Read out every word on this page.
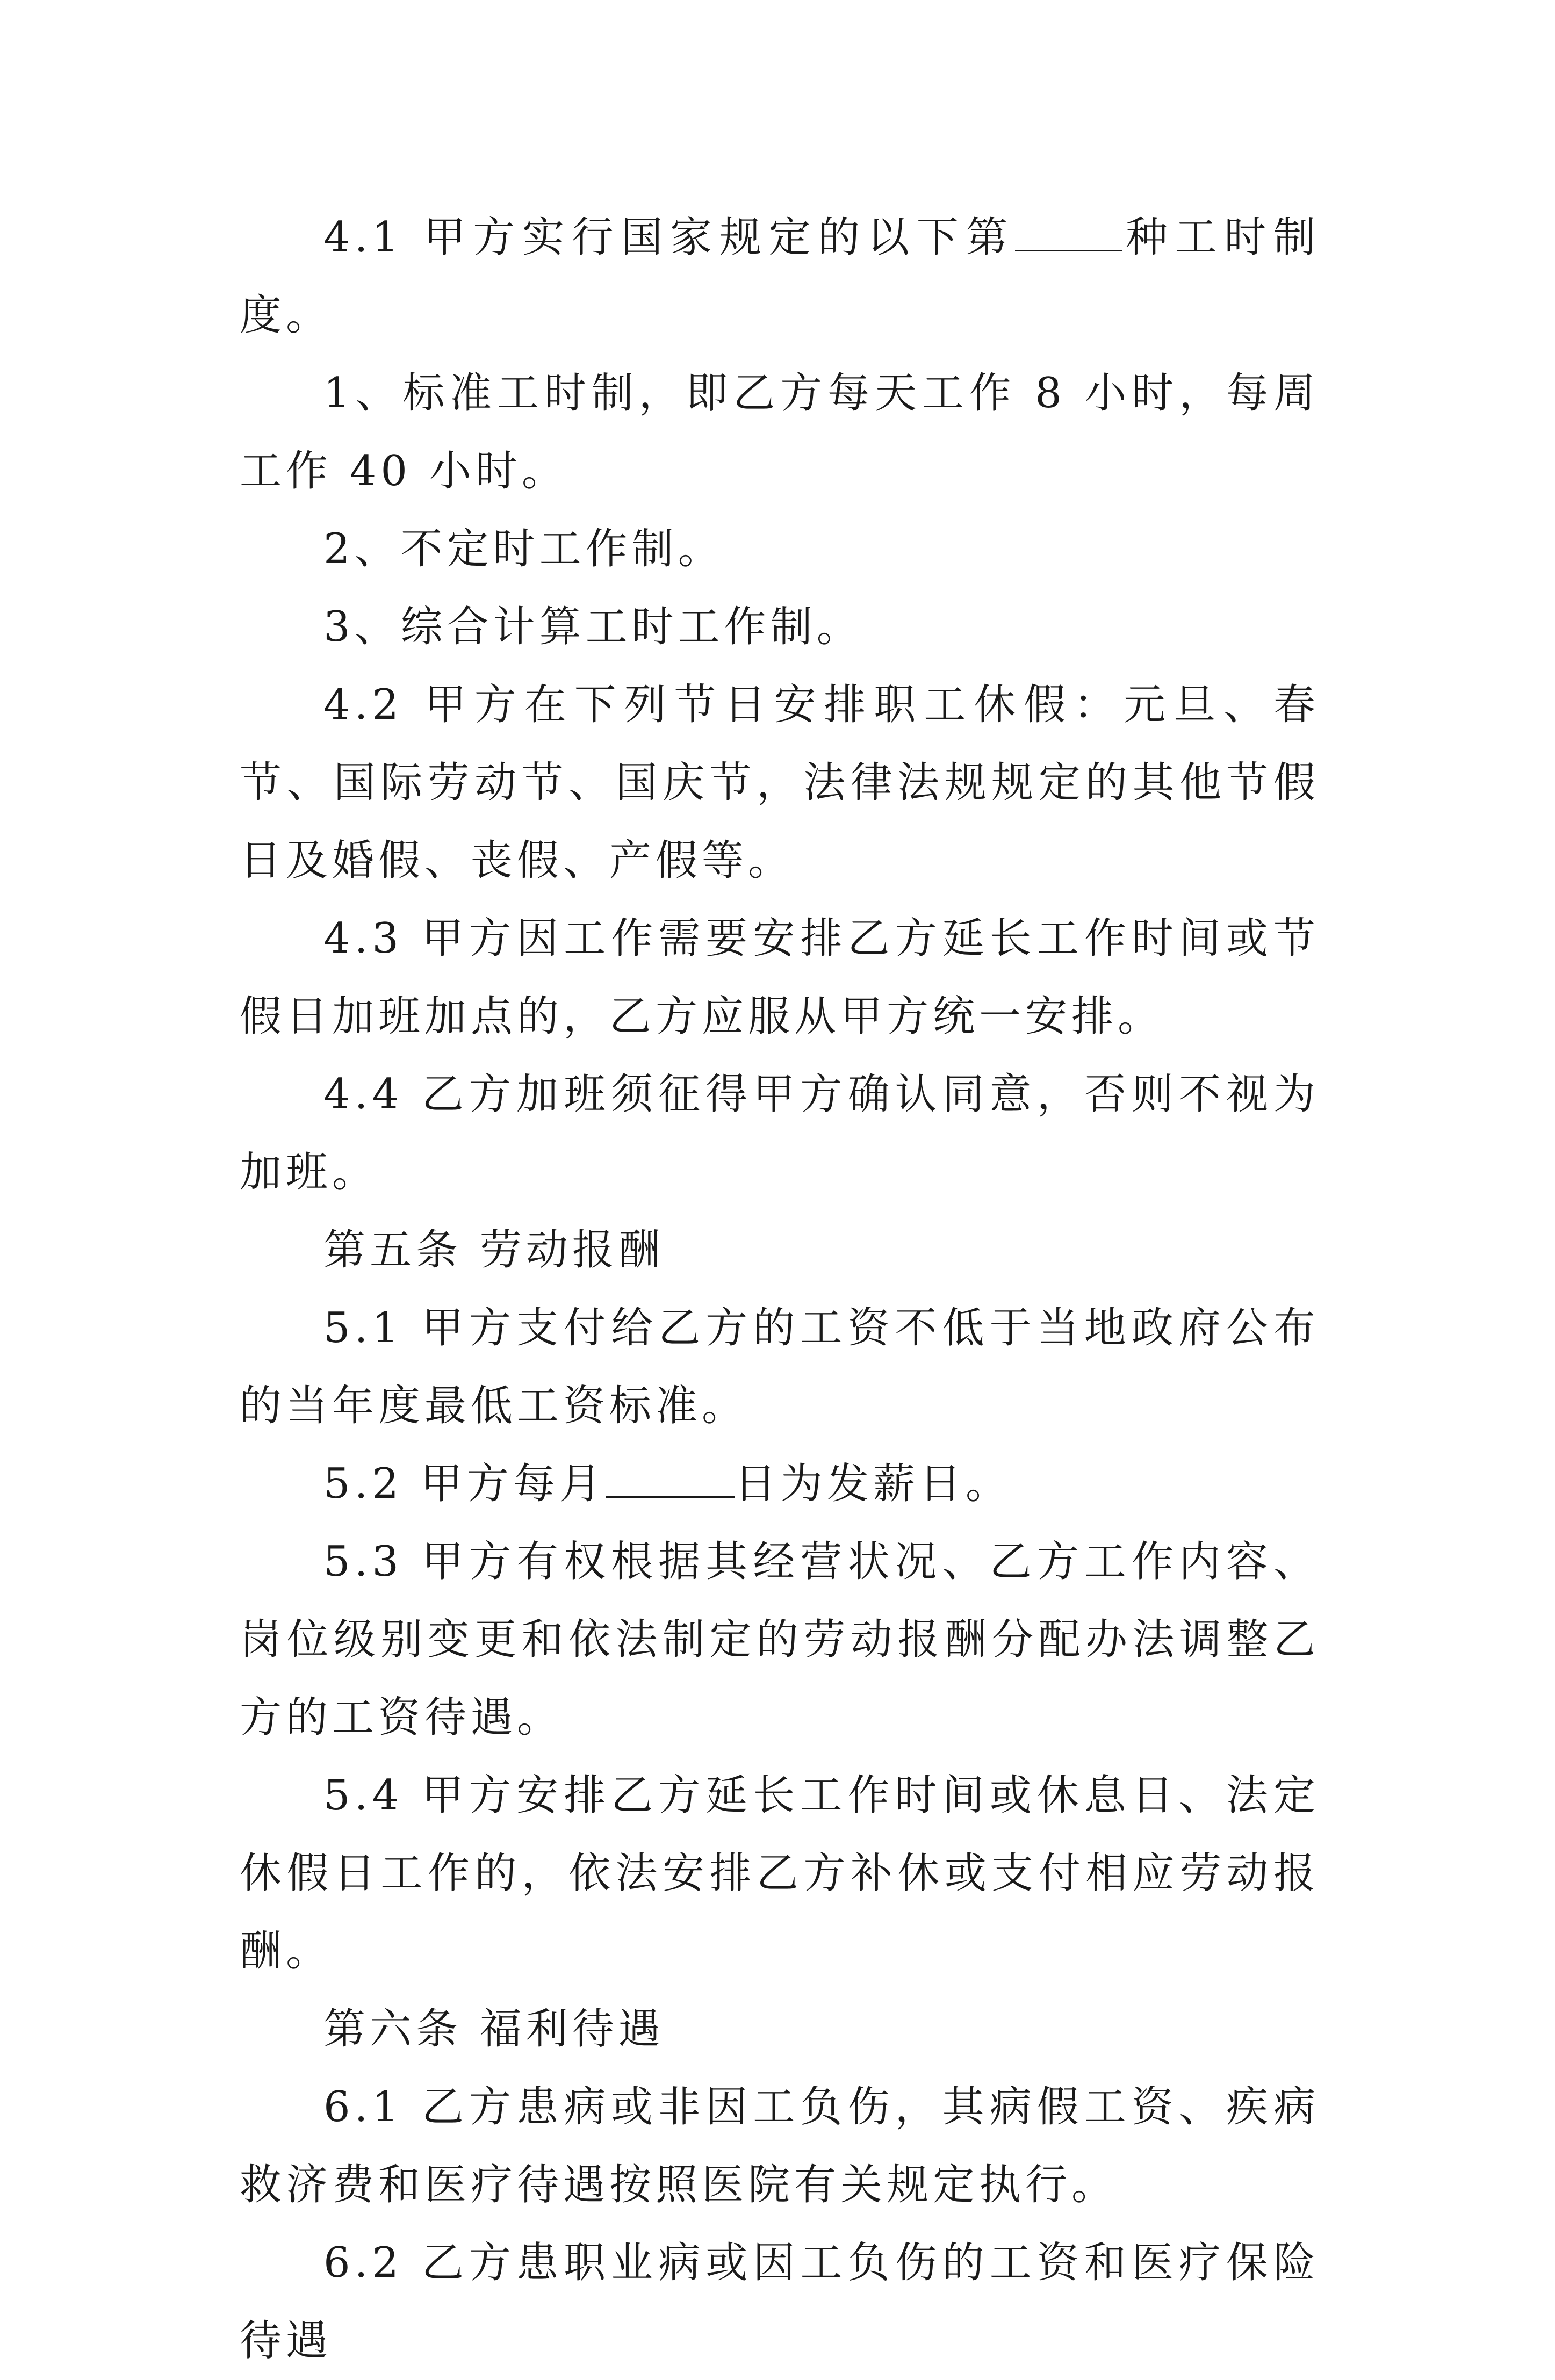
4.1 甲方实行国家规定的以下第	种工时制度。

1、标准工时制，即乙方每天工作 8 小时，每周工作 40 小时。

2、不定时工作制。

3、综合计算工时工作制。

4.2 甲方在下列节日安排职工休假：元旦、春节、国际劳动节、国庆节，法律法规规定的其他节假日及婚假、丧假、产假等。

4.3 甲方因工作需要安排乙方延长工作时间或节假日加班加点的，乙方应服从甲方统一安排。

4.4 乙方加班须征得甲方确认同意，否则不视为加班。

第五条 劳动报酬

5.1 甲方支付给乙方的工资不低于当地政府公布的当年度最低工资标准。

5.2 甲方每月	日为发薪日。

5.3 甲方有权根据其经营状况、乙方工作内容、岗位级别变更和依法制定的劳动报酬分配办法调整乙方的工资待遇。

5.4 甲方安排乙方延长工作时间或休息日、法定休假日工作的，依法安排乙方补休或支付相应劳动报酬。

第六条 福利待遇

6.1 乙方患病或非因工负伤，其病假工资、疾病救济费和医疗待遇按照医院有关规定执行。

6.2 乙方患职业病或因工负伤的工资和医疗保险待遇
